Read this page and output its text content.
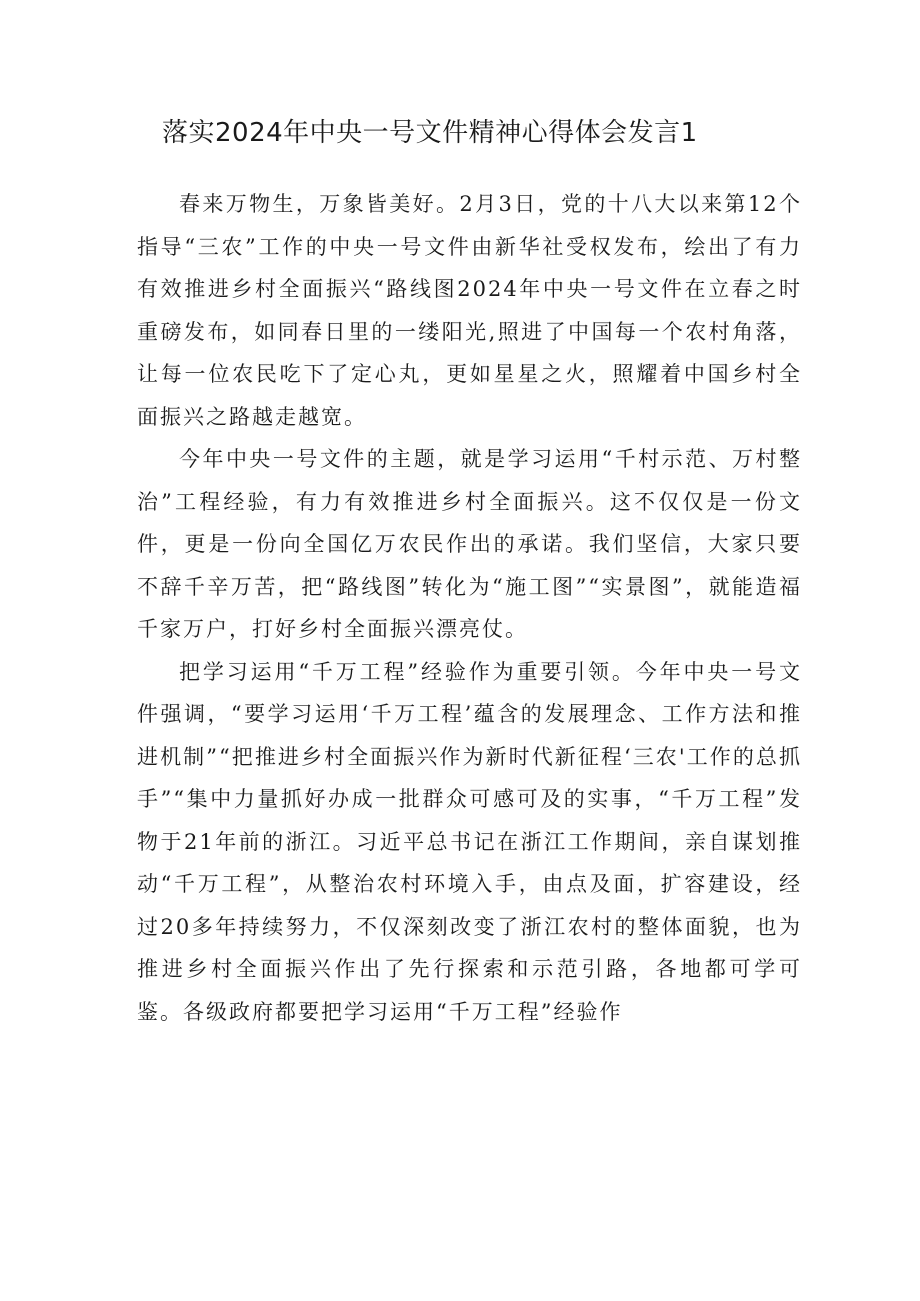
落实2024年中央一号文件精神心得体会发言1

春来万物生，万象皆美好。2月3日，党的十八大以来第12个指导“三农”工作的中央一号文件由新华社受权发布，绘出了有力有效推进乡村全面振兴“路线图2024年中央一号文件在立春之时重磅发布，如同春日里的一缕阳光,照进了中国每一个农村角落，让每一位农民吃下了定心丸，更如星星之火，照耀着中国乡村全面振兴之路越走越宽。

今年中央一号文件的主题，就是学习运用“千村示范、万村整治”工程经验，有力有效推进乡村全面振兴。这不仅仅是一份文件，更是一份向全国亿万农民作出的承诺。我们坚信，大家只要不辞千辛万苦，把“路线图”转化为“施工图”“实景图”，就能造福千家万户，打好乡村全面振兴漂亮仗。

把学习运用“千万工程”经验作为重要引领。今年中央一号文件强调，“要学习运用‘千万工程’蕴含的发展理念、工作方法和推进机制”“把推进乡村全面振兴作为新时代新征程‘三农'工作的总抓手”“集中力量抓好办成一批群众可感可及的实事，“千万工程”发物于21年前的浙江。习近平总书记在浙江工作期间，亲自谋划推动“千万工程”，从整治农村环境入手，由点及面，扩容建设，经过20多年持续努力，不仅深刻改变了浙江农村的整体面貌，也为推进乡村全面振兴作出了先行探索和示范引路，各地都可学可鉴。各级政府都要把学习运用“千万工程”经验作
